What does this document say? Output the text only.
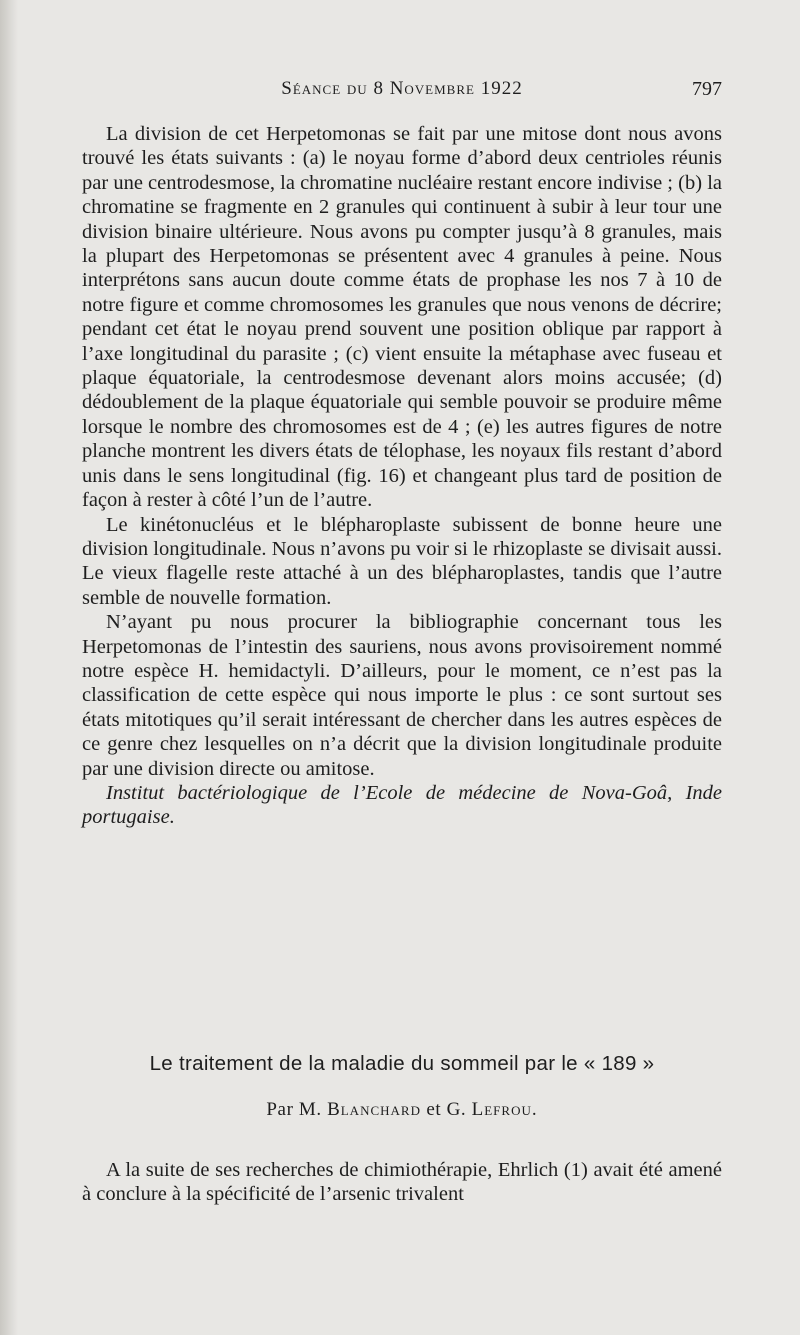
Séance du 8 Novembre 1922	797

La division de cet Herpetomonas se fait par une mitose dont nous avons trouvé les états suivants : (a) le noyau forme d’abord deux centrioles réunis par une centrodesmose, la chromatine nucléaire restant encore indivise ; (b) la chromatine se fragmente en 2 granules qui continuent à subir à leur tour une division binaire ultérieure. Nous avons pu compter jusqu’à 8 granules, mais la plupart des Herpetomonas se présentent avec 4 granules à peine. Nous interprétons sans aucun doute comme états de prophase les nos 7 à 10 de notre figure et comme chromosomes les granules que nous venons de décrire; pendant cet état le noyau prend souvent une position oblique par rapport à l’axe longitudinal du parasite ; (c) vient ensuite la métaphase avec fuseau et plaque équatoriale, la centrodesmose devenant alors moins accusée; (d) dédoublement de la plaque équatoriale qui semble pouvoir se produire même lorsque le nombre des chromosomes est de 4 ; (e) les autres figures de notre planche montrent les divers états de télophase, les noyaux fils restant d’abord unis dans le sens longitudinal (fig. 16) et changeant plus tard de position de façon à rester à côté l’un de l’autre.

Le kinétonucléus et le blépharoplaste subissent de bonne heure une division longitudinale. Nous n’avons pu voir si le rhizoplaste se divisait aussi. Le vieux flagelle reste attaché à un des blépharoplastes, tandis que l’autre semble de nouvelle formation.

N’ayant pu nous procurer la bibliographie concernant tous les Herpetomonas de l’intestin des sauriens, nous avons provisoirement nommé notre espèce H. hemidactyli. D’ailleurs, pour le moment, ce n’est pas la classification de cette espèce qui nous importe le plus : ce sont surtout ses états mitotiques qu’il serait intéressant de chercher dans les autres espèces de ce genre chez lesquelles on n’a décrit que la division longitudinale produite par une division directe ou amitose.

Institut bactériologique de l’Ecole de médecine de Nova-Goâ, Inde portugaise.

Le traitement de la maladie du sommeil par le « 189 »
Par M. Blanchard et G. Lefrou.

A la suite de ses recherches de chimiothérapie, Ehrlich (1) avait été amené à conclure à la spécificité de l’arsenic trivalent
